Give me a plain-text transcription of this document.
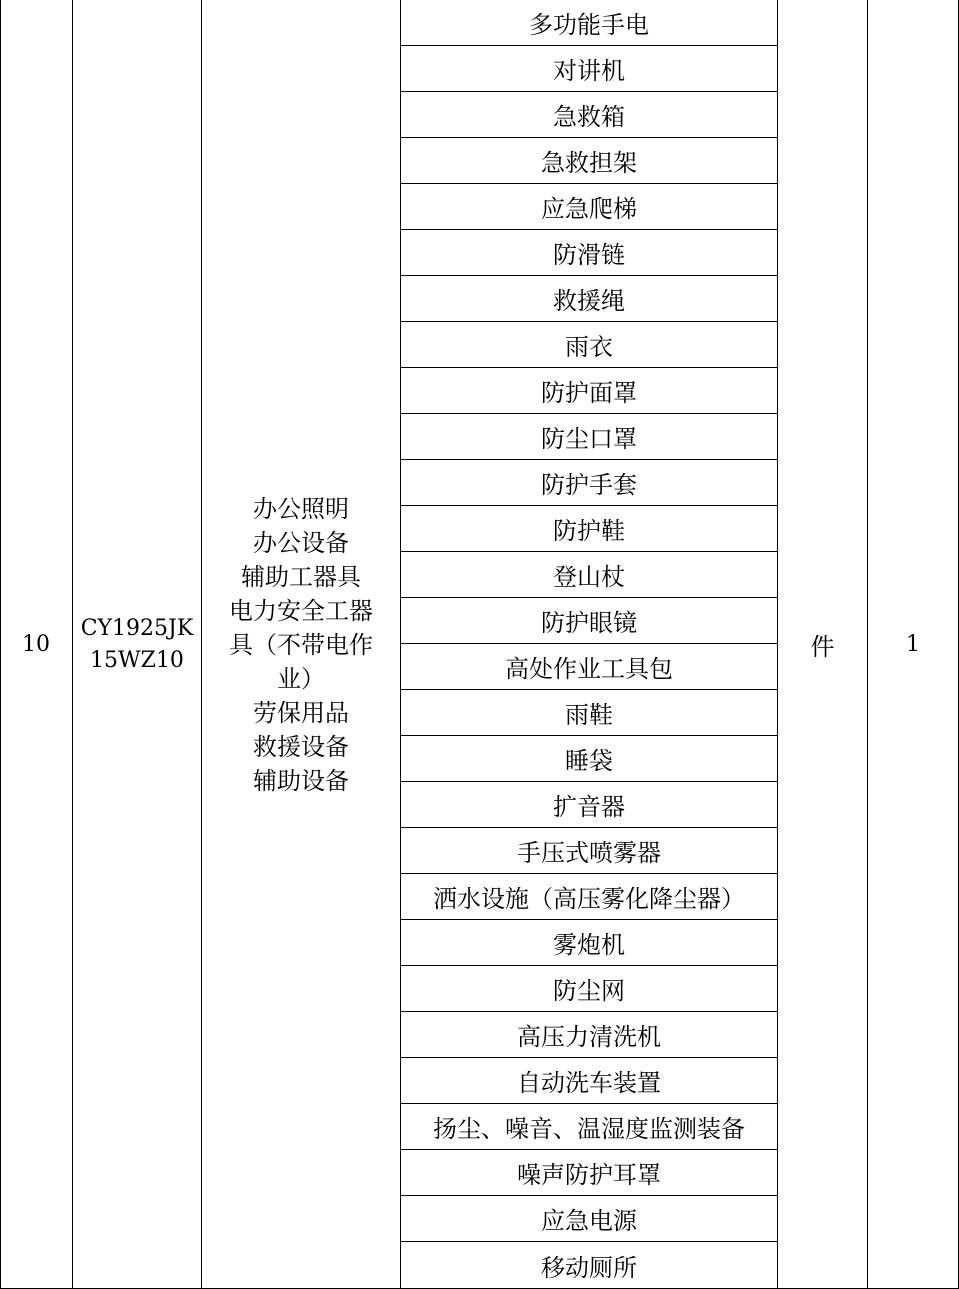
10
CY1925JK
15WZ10
办公照明
办公设备
辅助工器具
电力安全工器
具（不带电作
业）
劳保用品
救援设备
辅助设备
多功能手电
对讲机
急救箱
急救担架
应急爬梯
防滑链
救援绳
雨衣
防护面罩
防尘口罩
防护手套
防护鞋
登山杖
防护眼镜
高处作业工具包
雨鞋
睡袋
扩音器
手压式喷雾器
洒水设施（高压雾化降尘器）
雾炮机
防尘网
高压力清洗机
自动洗车装置
扬尘、噪音、温湿度监测装备
噪声防护耳罩
应急电源
移动厕所
件	1
